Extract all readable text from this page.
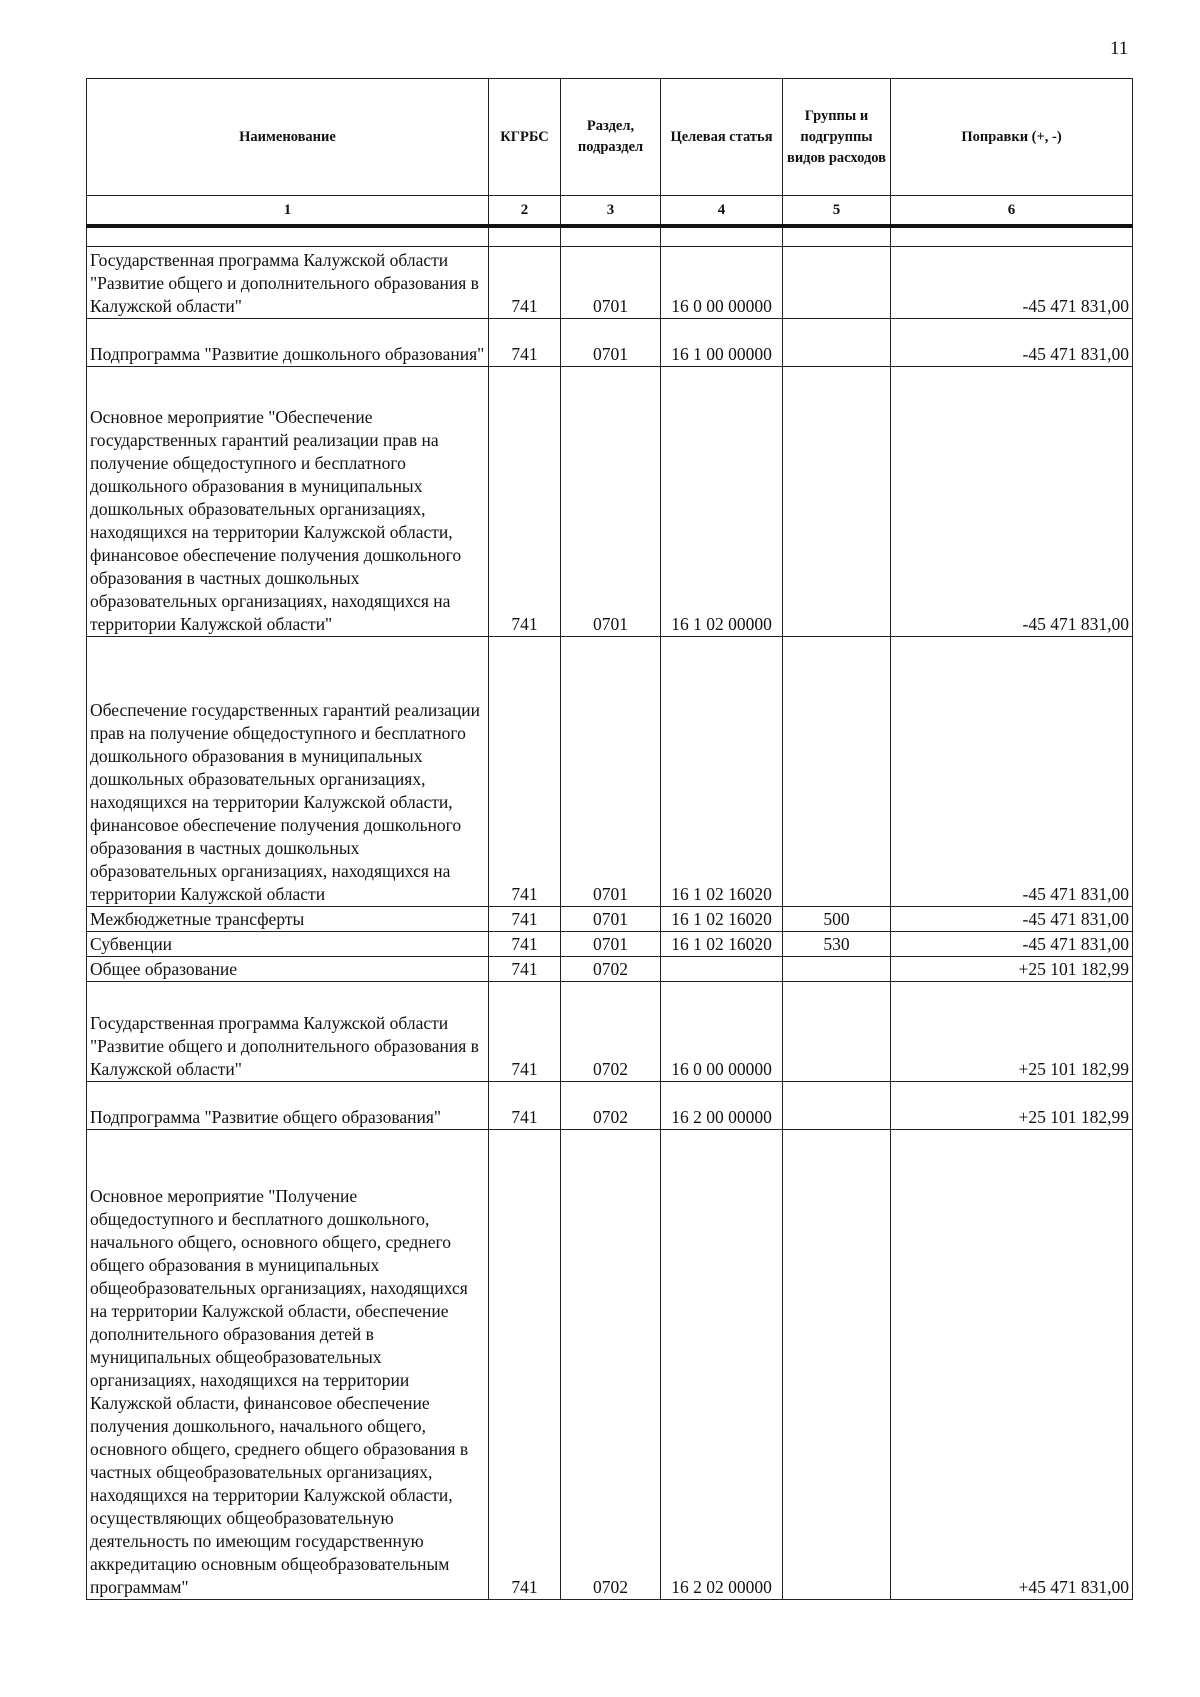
11
Наименование	КГРБС	Раздел, подраздел	Целевая статья	Группы и подгруппы видов расходов	Поправки (+, -)
1	2	3	4	5	6

Государственная программа Калужской области "Развитие общего и дополнительного образования в Калужской области"	741	0701	16 0 00 00000		-45 471 831,00
Подпрограмма "Развитие дошкольного образования"	741	0701	16 1 00 00000		-45 471 831,00
Основное мероприятие "Обеспечение государственных гарантий реализации прав на получение общедоступного и бесплатного дошкольного образования в муниципальных дошкольных образовательных организациях, находящихся на территории Калужской области, финансовое обеспечение получения дошкольного образования в частных дошкольных образовательных организациях, находящихся на территории Калужской области"	741	0701	16 1 02 00000		-45 471 831,00
Обеспечение государственных гарантий реализации прав на получение общедоступного и бесплатного дошкольного образования в муниципальных дошкольных образовательных организациях, находящихся на территории Калужской области, финансовое обеспечение получения дошкольного образования в частных дошкольных образовательных организациях, находящихся на территории Калужской области	741	0701	16 1 02 16020		-45 471 831,00
Межбюджетные трансферты	741	0701	16 1 02 16020	500	-45 471 831,00
Субвенции	741	0701	16 1 02 16020	530	-45 471 831,00
Общее образование	741	0702			+25 101 182,99
Государственная программа Калужской области "Развитие общего и дополнительного образования в Калужской области"	741	0702	16 0 00 00000		+25 101 182,99
Подпрограмма "Развитие общего образования"	741	0702	16 2 00 00000		+25 101 182,99
Основное мероприятие "Получение общедоступного и бесплатного дошкольного, начального общего, основного общего, среднего общего образования в муниципальных общеобразовательных организациях, находящихся на территории Калужской области, обеспечение дополнительного образования детей в муниципальных общеобразовательных организациях, находящихся на территории Калужской области, финансовое обеспечение получения дошкольного, начального общего, основного общего, среднего общего образования в частных общеобразовательных организациях, находящихся на территории Калужской области, осуществляющих общеобразовательную деятельность по имеющим государственную аккредитацию основным общеобразовательным программам"	741	0702	16 2 02 00000		+45 471 831,00
